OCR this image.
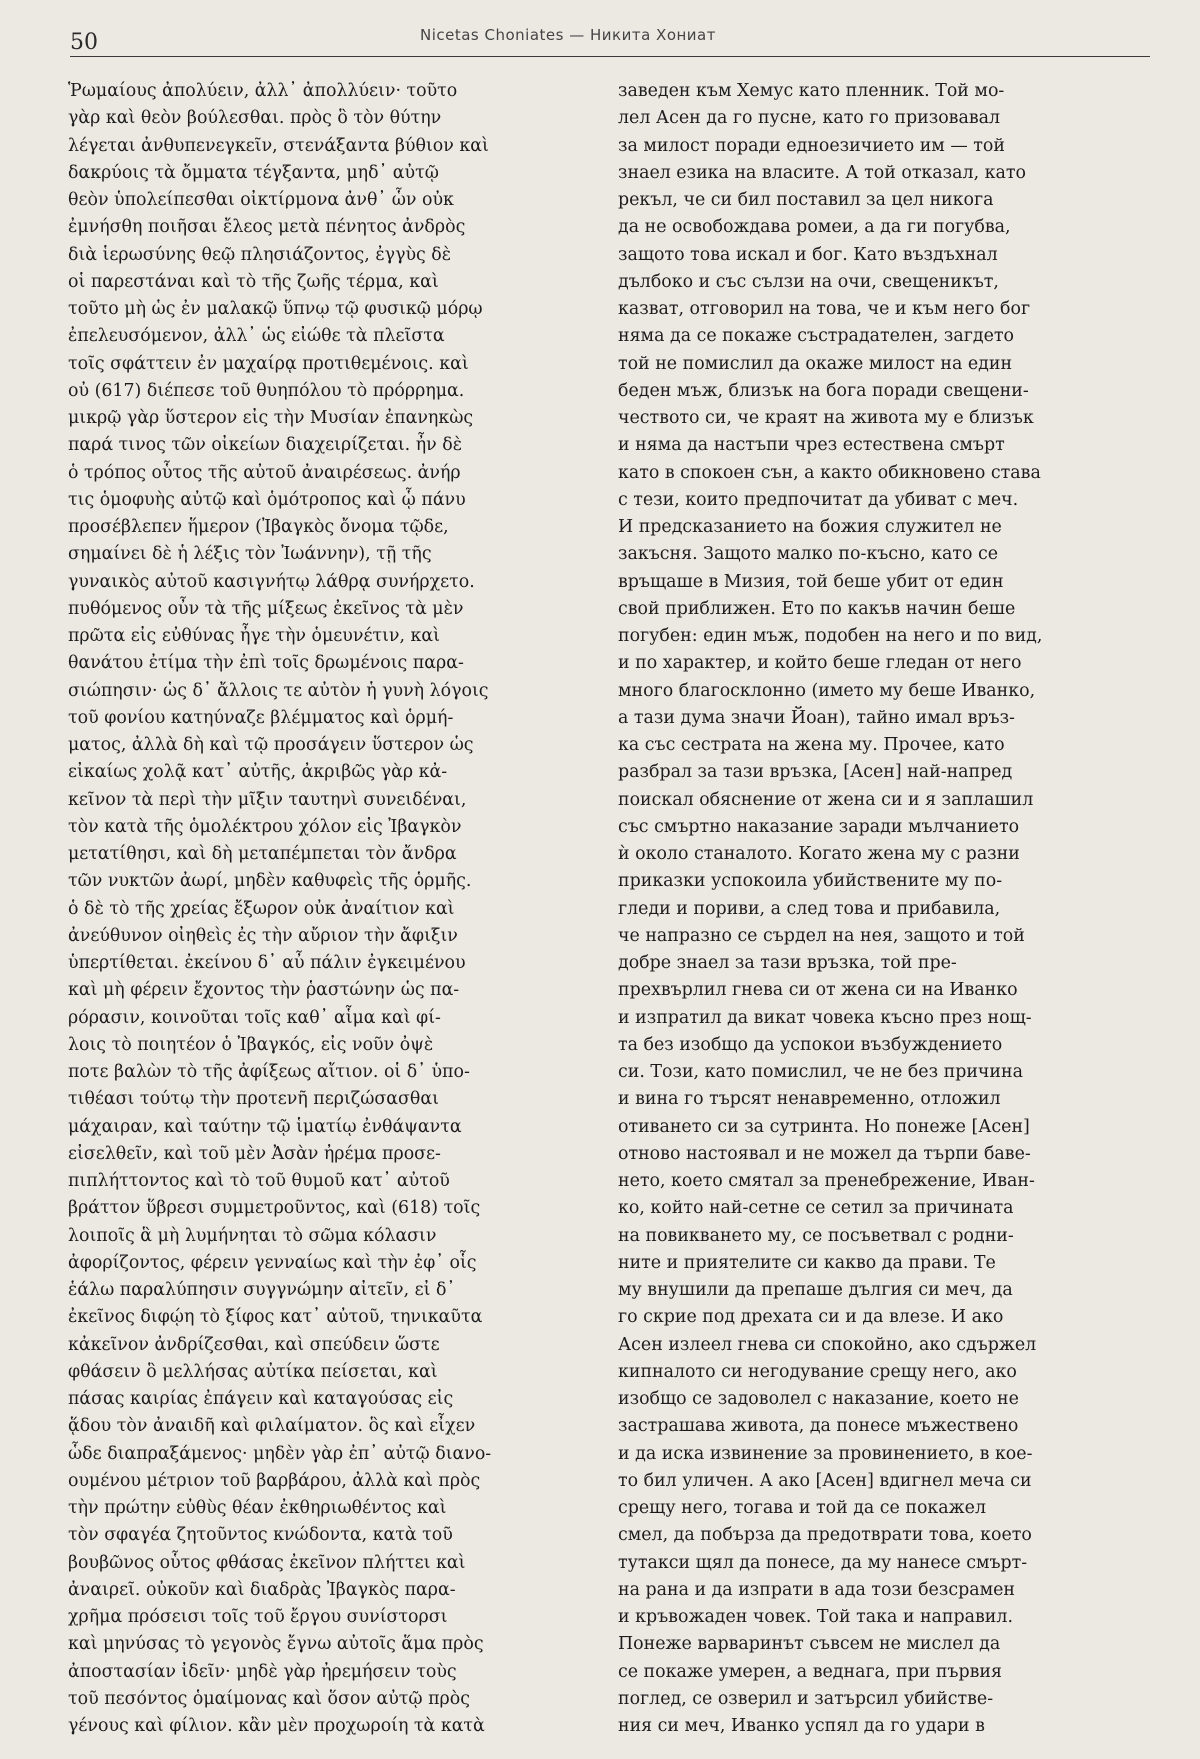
50	Nicetas Choniates — Никита Хониат
Ῥωμαίους ἀπολύειν, ἀλλ᾿ ἀπολλύειν· τοῦτο
γὰρ καὶ θεὸν βούλεσθαι. πρὸς ὃ τὸν θύτην
λέγεται ἀνθυπενεγκεῖν, στενάξαντα βύθιον καὶ
δακρύοις τὰ ὄμματα τέγξαντα, μηδ᾿ αὐτῷ
θεὸν ὑπολείπεσθαι οἰκτίρμονα ἀνθ᾿ ὧν οὐκ
ἐμνήσθη ποιῆσαι ἔλεος μετὰ πένητος ἀνδρὸς
διὰ ἱερωσύνης θεῷ πλησιάζοντος, ἐγγὺς δὲ
οἱ παρεστάναι καὶ τὸ τῆς ζωῆς τέρμα, καὶ
τοῦτο μὴ ὡς ἐν μαλακῷ ὕπνῳ τῷ φυσικῷ μόρῳ
ἐπελευσόμενον, ἀλλ᾿ ὡς εἰώθε τὰ πλεῖστα
τοῖς σφάττειν ἐν μαχαίρᾳ προτιθεμένοις. καὶ
οὐ (617) διέπεσε τοῦ θυηπόλου τὸ πρόρρημα.
μικρῷ γὰρ ὕστερον εἰς τὴν Μυσίαν ἐπανηκὼς
παρά τινος τῶν οἰκείων διαχειρίζεται. ἦν δὲ
ὁ τρόπος οὗτος τῆς αὐτοῦ ἀναιρέσεως. ἀνήρ
τις ὁμοφυὴς αὐτῷ καὶ ὁμότροπος καὶ ᾧ πάνυ
προσέβλεπεν ἥμερον (Ἰβαγκὸς ὄνομα τῷδε,
σημαίνει δὲ ἡ λέξις τὸν Ἰωάννην), τῇ τῆς
γυναικὸς αὐτοῦ κασιγνήτῳ λάθρᾳ συνήρχετο.
πυθόμενος οὖν τὰ τῆς μίξεως ἐκεῖνος τὰ μὲν
πρῶτα εἰς εὐθύνας ἦγε τὴν ὁμευνέτιν, καὶ
θανάτου ἐτίμα τὴν ἐπὶ τοῖς δρωμένοις παρα-
σιώπησιν· ὡς δ᾿ ἄλλοις τε αὐτὸν ἡ γυνὴ λόγοις
τοῦ φονίου κατηύναζε βλέμματος καὶ ὁρμή-
ματος, ἀλλὰ δὴ καὶ τῷ προσάγειν ὕστερον ὡς
εἰκαίως χολᾷ κατ᾿ αὐτῆς, ἀκριβῶς γὰρ κἀ-
κεῖνον τὰ περὶ τὴν μῖξιν ταυτηνὶ συνειδέναι,
τὸν κατὰ τῆς ὁμολέκτρου χόλον εἰς Ἰβαγκὸν
μετατίθησι, καὶ δὴ μεταπέμπεται τὸν ἄνδρα
τῶν νυκτῶν ἀωρί, μηδὲν καθυφεὶς τῆς ὁρμῆς.
ὁ δὲ τὸ τῆς χρείας ἔξωρον οὐκ ἀναίτιον καὶ
ἀνεύθυνον οἰηθεὶς ἐς τὴν αὔριον τὴν ἄφιξιν
ὑπερτίθεται. ἐκείνου δ᾿ αὖ πάλιν ἐγκειμένου
καὶ μὴ φέρειν ἔχοντος τὴν ῥαστώνην ὡς πα-
ρόρασιν, κοινοῦται τοῖς καθ᾿ αἷμα καὶ φί-
λοις τὸ ποιητέον ὁ Ἰβαγκός, εἰς νοῦν ὀψὲ
ποτε βαλὼν τὸ τῆς ἀφίξεως αἴτιον. οἱ δ᾿ ὑπο-
τιθέασι τούτῳ τὴν προτενῆ περιζώσασθαι
μάχαιραν, καὶ ταύτην τῷ ἱματίῳ ἐνθάψαντα
εἰσελθεῖν, καὶ τοῦ μὲν Ἀσὰν ἠρέμα προσε-
πιπλήττοντος καὶ τὸ τοῦ θυμοῦ κατ᾿ αὐτοῦ
βράττον ὕβρεσι συμμετροῦντος, καὶ (618) τοῖς
λοιποῖς ἃ μὴ λυμήνηται τὸ σῶμα κόλασιν
ἀφορίζοντος, φέρειν γενναίως καὶ τὴν ἐφ᾿ οἷς
ἑάλω παραλύπησιν συγγνώμην αἰτεῖν, εἰ δ᾿
ἐκεῖνος διφῴη τὸ ξίφος κατ᾿ αὐτοῦ, τηνικαῦτα
κἀκεῖνον ἀνδρίζεσθαι, καὶ σπεύδειν ὥστε
φθάσειν ὃ μελλήσας αὐτίκα πείσεται, καὶ
πάσας καιρίας ἐπάγειν καὶ καταγούσας εἰς
ᾅδου τὸν ἀναιδῆ καὶ φιλαίματον. ὃς καὶ εἶχεν
ὧδε διαπραξάμενος· μηδὲν γὰρ ἐπ᾿ αὐτῷ διανο-
ουμένου μέτριον τοῦ βαρβάρου, ἀλλὰ καὶ πρὸς
τὴν πρώτην εὐθὺς θέαν ἐκθηριωθέντος καὶ
τὸν σφαγέα ζητοῦντος κνώδοντα, κατὰ τοῦ
βουβῶνος οὗτος φθάσας ἐκεῖνον πλήττει καὶ
ἀναιρεῖ. οὐκοῦν καὶ διαδρὰς Ἰβαγκὸς παρα-
χρῆμα πρόσεισι τοῖς τοῦ ἔργου συνίστορσι
καὶ μηνύσας τὸ γεγονὸς ἔγνω αὐτοῖς ἅμα πρὸς
ἀποστασίαν ἰδεῖν· μηδὲ γὰρ ἠρεμήσειν τοὺς
τοῦ πεσόντος ὁμαίμονας καὶ ὅσον αὐτῷ πρὸς
γένους καὶ φίλιον. κἂν μὲν προχωροίη τὰ κατὰ
заведен към Хемус като пленник. Той мо-
лел Асен да го пусне, като го призовавал
за милост поради едноезичието им — той
знаел езика на власите. А той отказал, като
рекъл, че си бил поставил за цел никога
да не освобождава ромеи, а да ги погубва,
защото това искал и бог. Като въздъхнал
дълбоко и със сълзи на очи, свещеникът,
казват, отговорил на това, че и към него бог
няма да се покаже състрадателен, загдето
той не помислил да окаже милост на един
беден мъж, близък на бога поради свещени-
чеството си, че краят на живота му е близък
и няма да настъпи чрез естествена смърт
като в спокоен сън, а както обикновено става
с тези, които предпочитат да убиват с меч.
И предсказанието на божия служител не
закъсня. Защото малко по-късно, като се
връщаше в Мизия, той беше убит от един
свой приближен. Ето по какъв начин беше
погубен: един мъж, подобен на него и по вид,
и по характер, и който беше гледан от него
много благосклонно (името му беше Иванко,
а тази дума значи Йоан), тайно имал връз-
ка със сестрата на жена му. Прочее, като
разбрал за тази връзка, [Асен] най-напред
поискал обяснение от жена си и я заплашил
със смъртно наказание заради мълчанието
ѝ около станалото. Когато жена му с разни
приказки успокоила убийствените му по-
гледи и пориви, а след това и прибавила,
че напразно се сърдел на нея, защото и той
добре знаел за тази връзка, той пре-
прехвърлил гнева си от жена си на Иванко
и изпратил да викат човека късно през нощ-
та без изобщо да успокои възбуждението
си. Този, като помислил, че не без причина
и вина го търсят ненавременно, отложил
отиването си за сутринта. Но понеже [Асен]
отново настоявал и не можел да търпи баве-
нето, което смятал за пренебрежение, Иван-
ко, който най-сетне се сетил за причината
на повикването му, се посъветвал с родни-
ните и приятелите си какво да прави. Те
му внушили да препаше дългия си меч, да
го скрие под дрехата си и да влезе. И ако
Асен излеел гнева си спокойно, ако сдържел
кипналото си негодувание срещу него, ако
изобщо се задоволел с наказание, което не
застрашава живота, да понесе мъжествено
и да иска извинение за провинението, в кое-
то бил уличен. А ако [Асен] вдигнел меча си
срещу него, тогава и той да се покажел
смел, да побърза да предотврати това, което
тутакси щял да понесе, да му нанесе смърт-
на рана и да изпрати в ада този безсрамен
и кръвожаден човек. Той така и направил.
Понеже варваринът съвсем не мислел да
се покаже умерен, а веднага, при първия
поглед, се озверил и затърсил убийстве-
ния си меч, Иванко успял да го удари в
